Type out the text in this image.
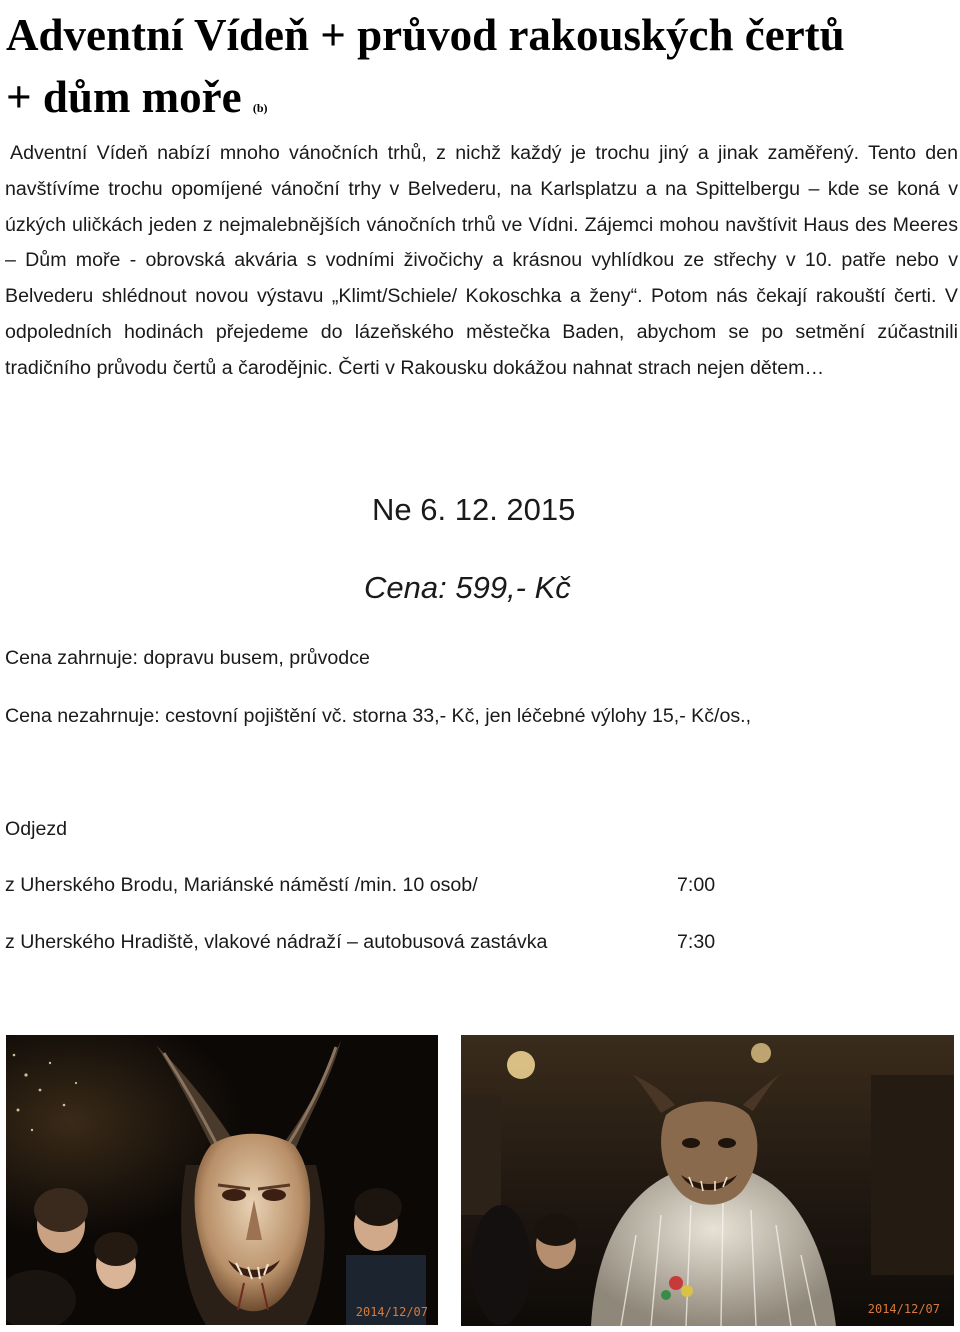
Adventní Vídeň + průvod rakouských čertů
+ dům moře (b)

Adventní Vídeň nabízí mnoho vánočních trhů, z nichž každý je trochu jiný a jinak zaměřený. Tento den navštívíme trochu opomíjené vánoční trhy v Belvederu, na Karlsplatzu a na Spittelbergu – kde se koná v úzkých uličkách jeden z nejmalebnějších vánočních trhů ve Vídni. Zájemci mohou navštívit Haus des Meeres – Dům moře - obrovská akvária s vodními živočichy a krásnou vyhlídkou ze střechy v 10. patře nebo v Belvederu shlédnout novou výstavu „Klimt/Schiele/ Kokoschka a ženy“. Potom nás čekají rakouští čerti. V odpoledních hodinách přejedeme do lázeňského městečka Baden, abychom se po setmění zúčastnili tradičního průvodu čertů a čarodějnic. Čerti v Rakousku dokážou nahnat strach nejen dětem…

Ne 6. 12. 2015
Cena: 599,- Kč
Cena zahrnuje: dopravu busem, průvodce
Cena nezahrnuje: cestovní pojištění vč. storna 33,- Kč, jen léčebné výlohy 15,- Kč/os.,
Odjezd
z Uherského Brodu, Mariánské náměstí /min. 10 osob/	7:00
z Uherského Hradiště, vlakové nádraží – autobusová zastávka	7:30
2014/12/07	2014/12/07
